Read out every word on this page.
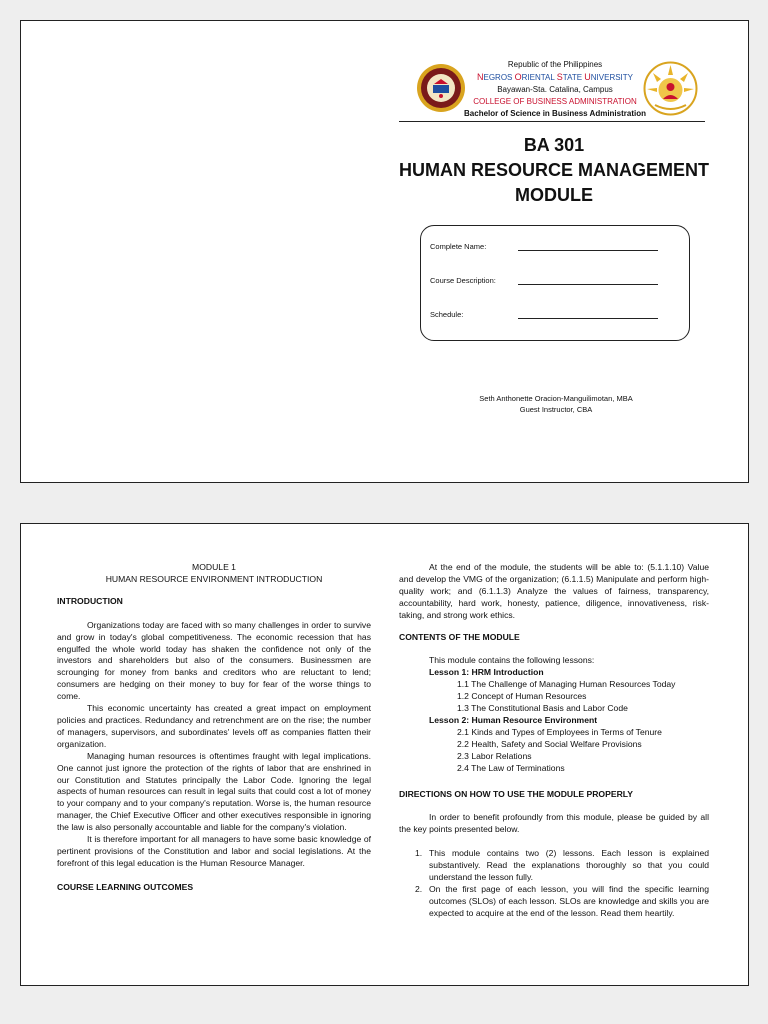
Republic of the Philippines
NEGROS ORIENTAL STATE UNIVERSITY
Bayawan-Sta. Catalina, Campus
COLLEGE OF BUSINESS ADMINISTRATION
Bachelor of Science in Business Administration
BA 301
HUMAN RESOURCE MANAGEMENT
MODULE
Complete Name:
Course Description:
Schedule:
Seth Anthonette Oracion-Manguilimotan, MBA
Guest Instructor, CBA
MODULE 1
HUMAN RESOURCE ENVIRONMENT INTRODUCTION
INTRODUCTION

Organizations today are faced with so many challenges in order to survive and grow in today's global competitiveness. The economic recession that has engulfed the whole world today has shaken the confidence not only of the investors and shareholders but also of the consumers. Businessmen are scrounging for money from banks and creditors who are reluctant to lend; consumers are hedging on their money to buy for fear of the worse things to come.

This economic uncertainty has created a great impact on employment policies and practices. Redundancy and retrenchment are on the rise; the number of managers, supervisors, and subordinates' levels off as companies flatten their organization.

Managing human resources is oftentimes fraught with legal implications. One cannot just ignore the protection of the rights of labor that are enshrined in our Constitution and Statutes principally the Labor Code. Ignoring the legal aspects of human resources can result in legal suits that could cost a lot of money to your company and to your company's reputation. Worse is, the human resource manager, the Chief Executive Officer and other executives responsible in ignoring the law is also personally accountable and liable for the company's violation.

It is therefore important for all managers to have some basic knowledge of pertinent provisions of the Constitution and labor and social legislations. At the forefront of this legal education is the Human Resource Manager.

COURSE LEARNING OUTCOMES

At the end of the module, the students will be able to: (5.1.1.10) Value and develop the VMG of the organization; (6.1.1.5) Manipulate and perform high-quality work; and (6.1.1.3) Analyze the values of fairness, transparency, accountability, hard work, honesty, patience, diligence, innovativeness, risk-taking, and strong work ethics.

CONTENTS OF THE MODULE
This module contains the following lessons:
Lesson 1: HRM Introduction
1.1 The Challenge of Managing Human Resources Today
1.2 Concept of Human Resources
1.3 The Constitutional Basis and Labor Code
Lesson 2: Human Resource Environment
2.1 Kinds and Types of Employees in Terms of Tenure
2.2 Health, Safety and Social Welfare Provisions
2.3 Labor Relations
2.4 The Law of Terminations
DIRECTIONS ON HOW TO USE THE MODULE PROPERLY

In order to benefit profoundly from this module, please be guided by all the key points presented below.

1. This module contains two (2) lessons. Each lesson is explained substantively. Read the explanations thoroughly so that you could understand the lesson fully.
2. On the first page of each lesson, you will find the specific learning outcomes (SLOs) of each lesson. SLOs are knowledge and skills you are expected to acquire at the end of the lesson. Read them heartily.
